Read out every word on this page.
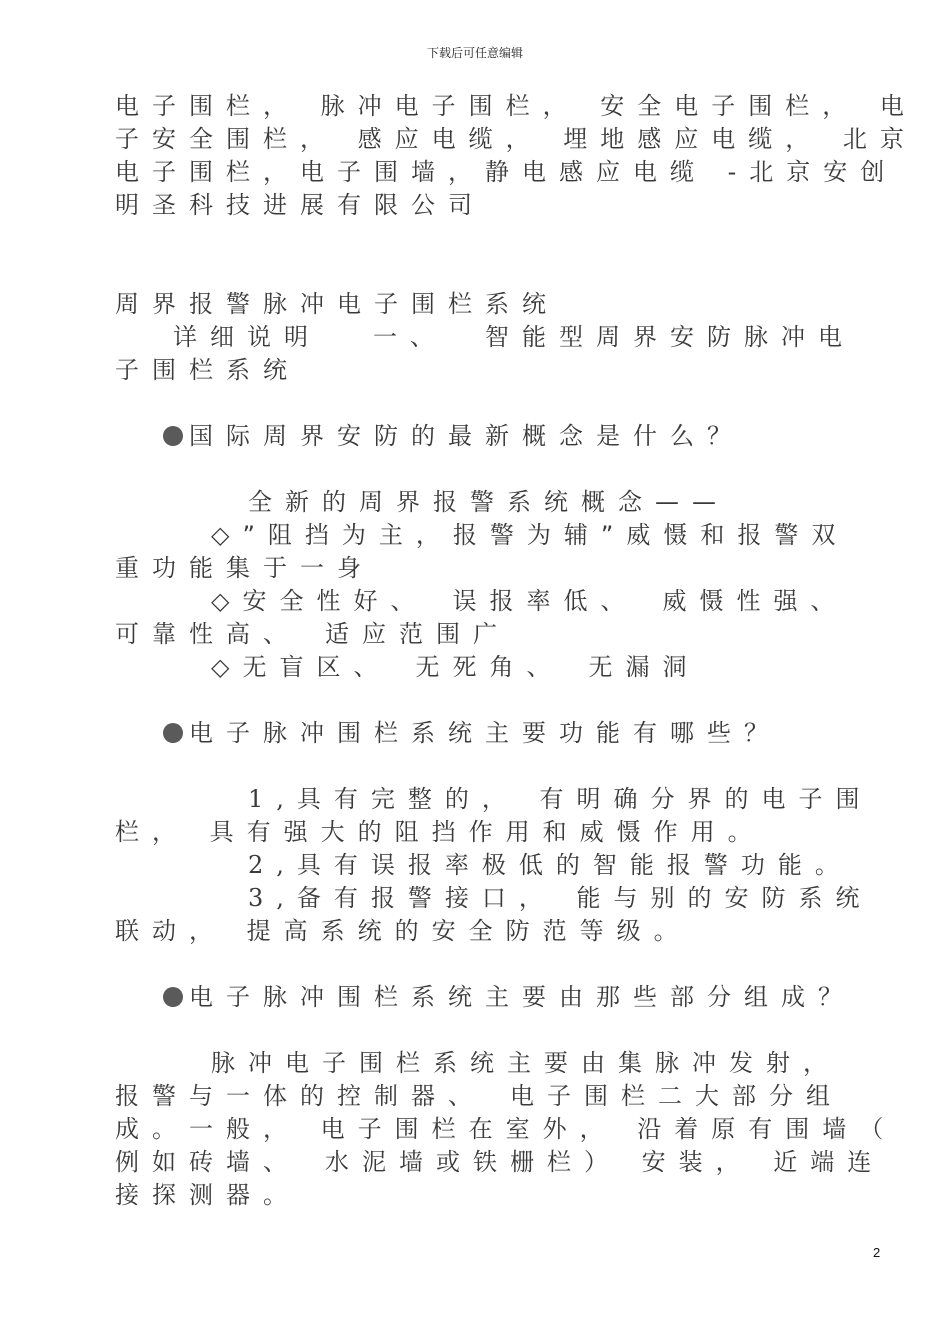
下载后可任意编辑
电子围栏， 脉冲电子围栏， 安全电子围栏， 电
子安全围栏， 感应电缆， 埋地感应电缆， 北京
电子围栏，电子围墙，静电感应电缆 -北京安创
明圣科技进展有限公司
周界报警脉冲电子围栏系统
详细说明 一、 智能型周界安防脉冲电
子围栏系统
国际周界安防的最新概念是什么？
全新的周界报警系统概念——
◇”阻挡为主，报警为辅”威慑和报警双
重功能集于一身
◇安全性好、　误报率低、　威慑性强、
可靠性高、　适应范围广
◇无盲区、　无死角、　无漏洞
电子脉冲围栏系统主要功能有哪些？
1,具有完整的， 有明确分界的电子围
栏， 具有强大的阻挡作用和威慑作用。
2,具有误报率极低的智能报警功能。
3,备有报警接口， 能与别的安防系统
联动， 提高系统的安全防范等级。
电子脉冲围栏系统主要由那些部分组成？
脉冲电子围栏系统主要由集脉冲发射，
报警与一体的控制器、　电子围栏二大部分组
成。一般， 电子围栏在室外， 沿着原有围墙（
例如砖墙、　水泥墙或铁栅栏） 安装， 近端连
接探测器。
2
